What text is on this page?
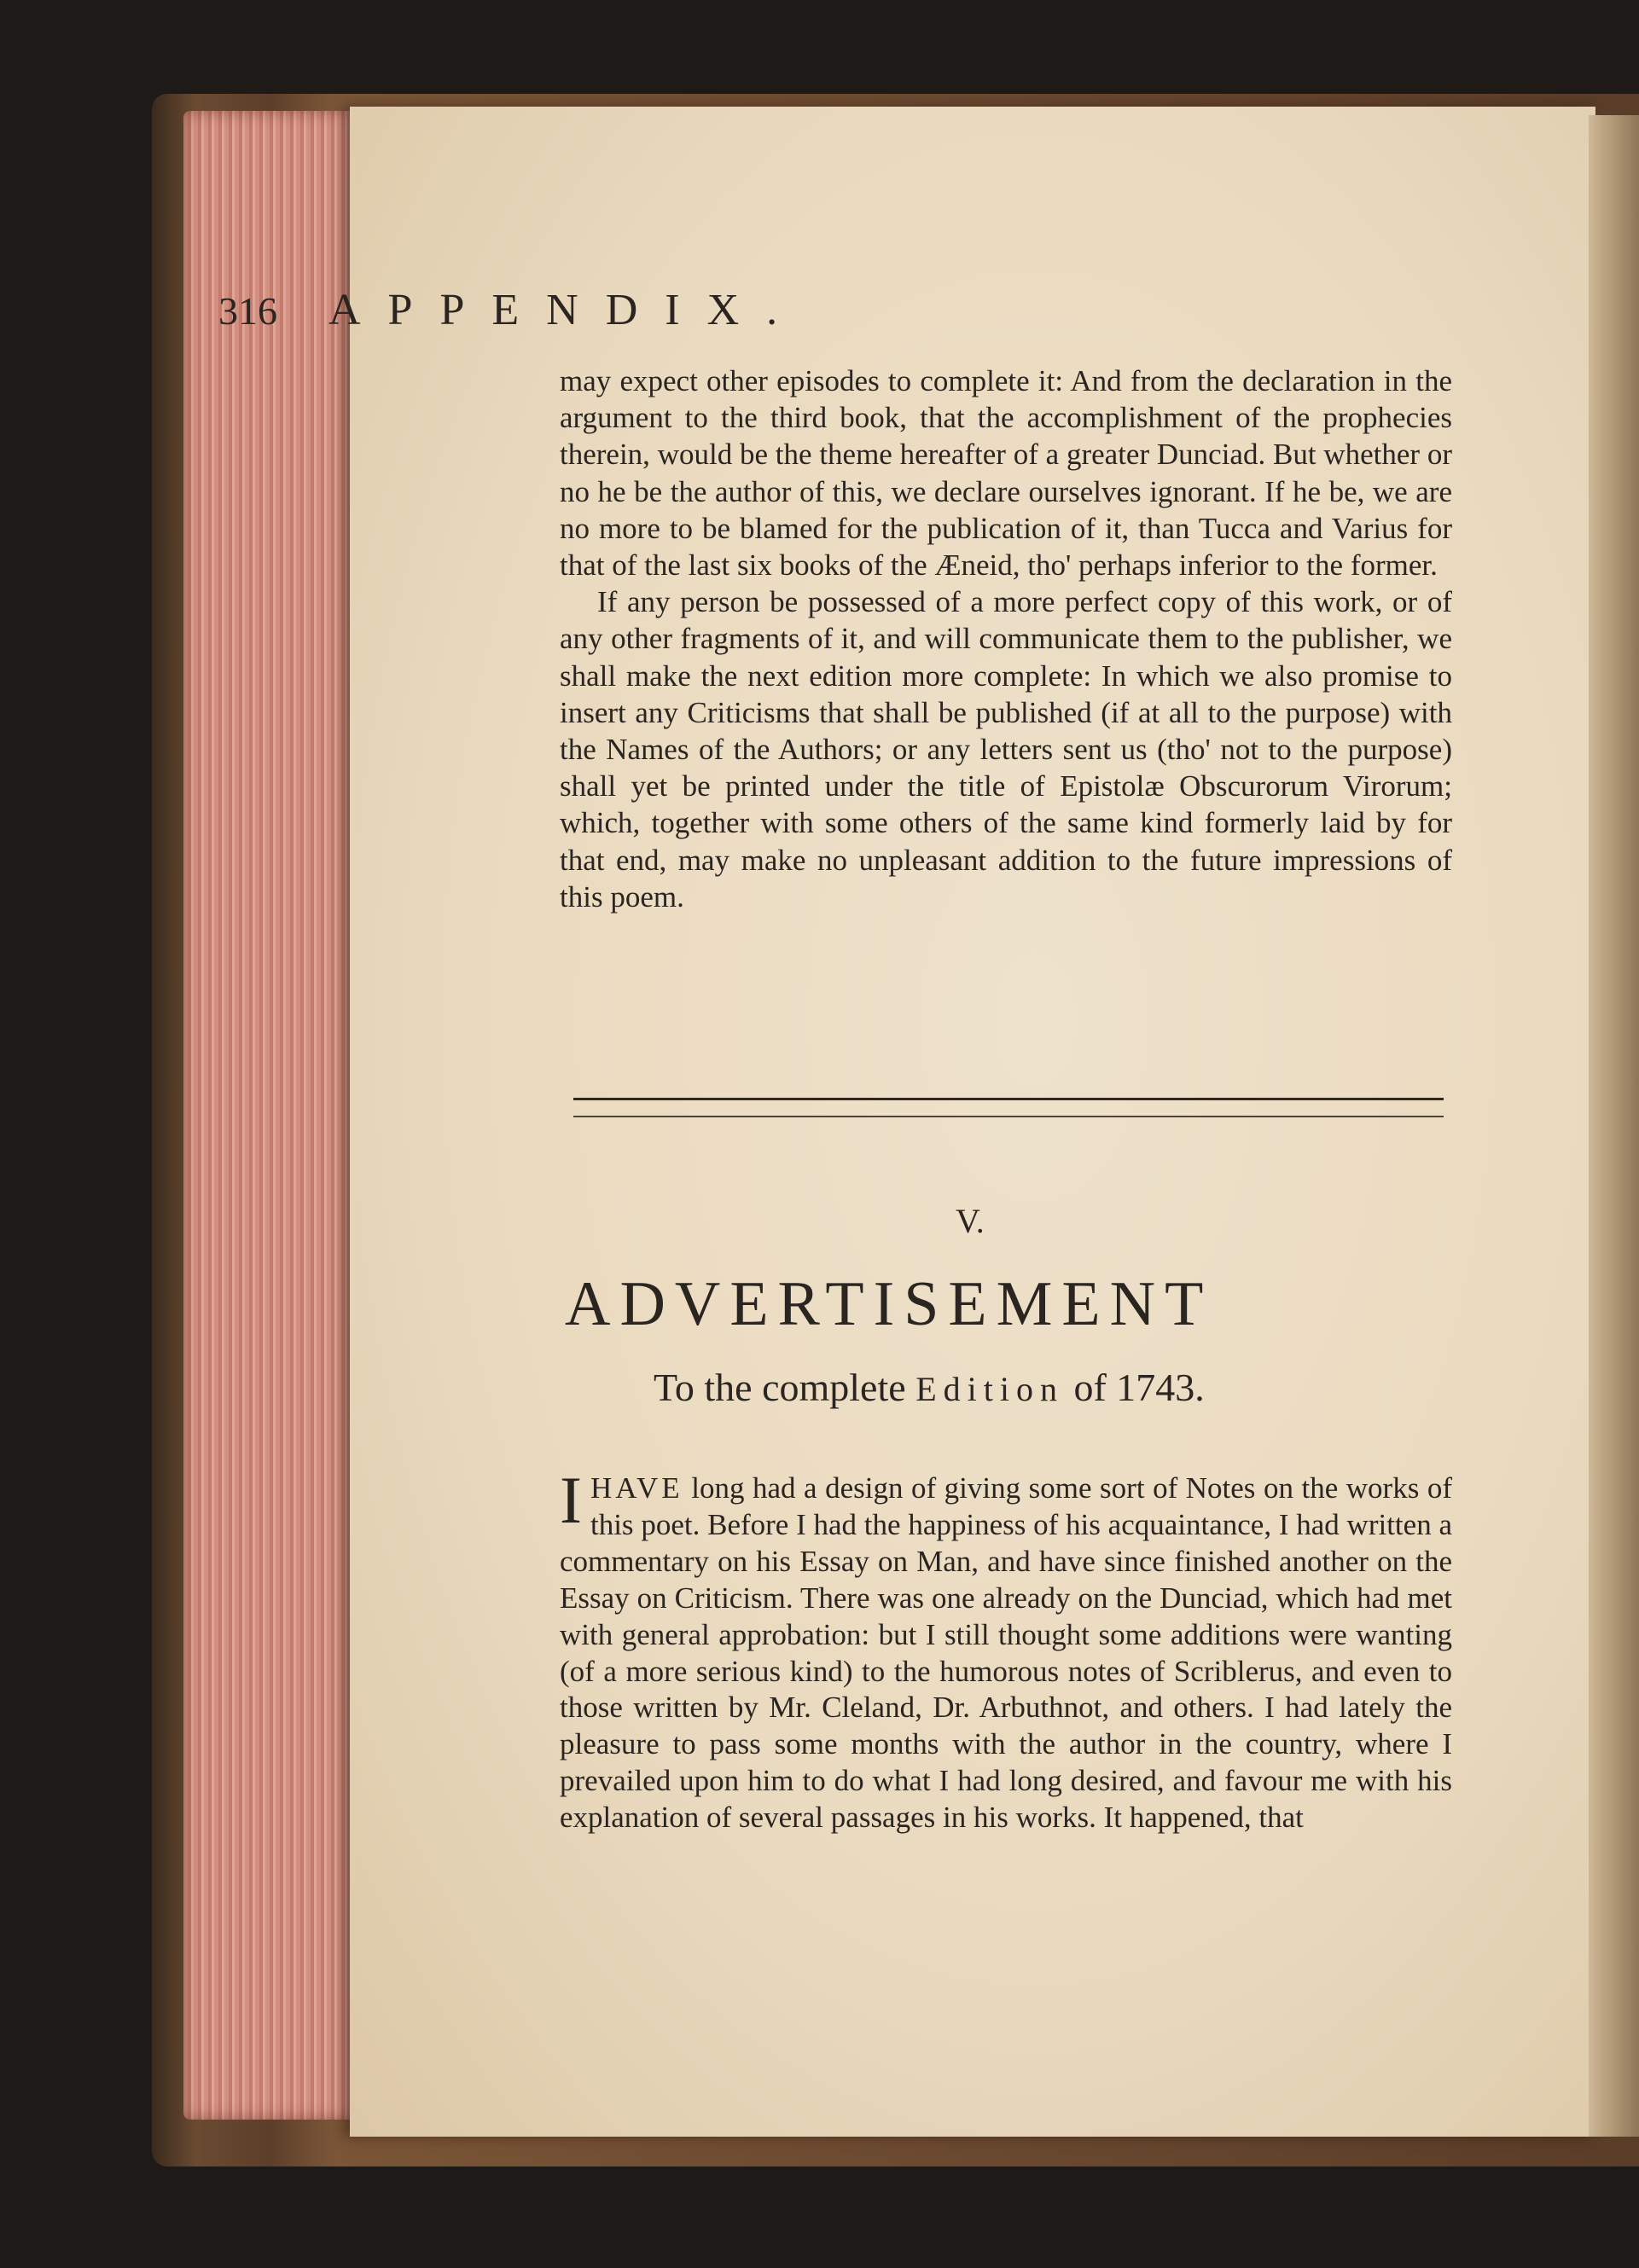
316 APPENDIX.

may expect other episodes to complete it: And from the declaration in the argument to the third book, that the accomplishment of the prophecies therein, would be the theme hereafter of a greater Dunciad. But whether or no he be the author of this, we declare ourselves ignorant. If he be, we are no more to be blamed for the publication of it, than Tucca and Varius for that of the last six books of the Æneid, tho' perhaps inferior to the former.

If any person be possessed of a more perfect copy of this work, or of any other fragments of it, and will communicate them to the publisher, we shall make the next edition more complete: In which we also promise to insert any Criticisms that shall be published (if at all to the purpose) with the Names of the Authors; or any letters sent us (tho' not to the purpose) shall yet be printed under the title of Epistolæ Obscurorum Virorum; which, together with some others of the same kind formerly laid by for that end, may make no unpleasant addition to the future impressions of this poem.

V.
ADVERTISEMENT
To the complete Edition of 1743.

I HAVE long had a design of giving some sort of Notes on the works of this poet. Before I had the happiness of his acquaintance, I had written a commentary on his Essay on Man, and have since finished another on the Essay on Criticism. There was one already on the Dunciad, which had met with general approbation: but I still thought some additions were wanting (of a more serious kind) to the humorous notes of Scriblerus, and even to those written by Mr. Cleland, Dr. Arbuthnot, and others. I had lately the pleasure to pass some months with the author in the country, where I prevailed upon him to do what I had long desired, and favour me with his explanation of several passages in his works. It happened, that
